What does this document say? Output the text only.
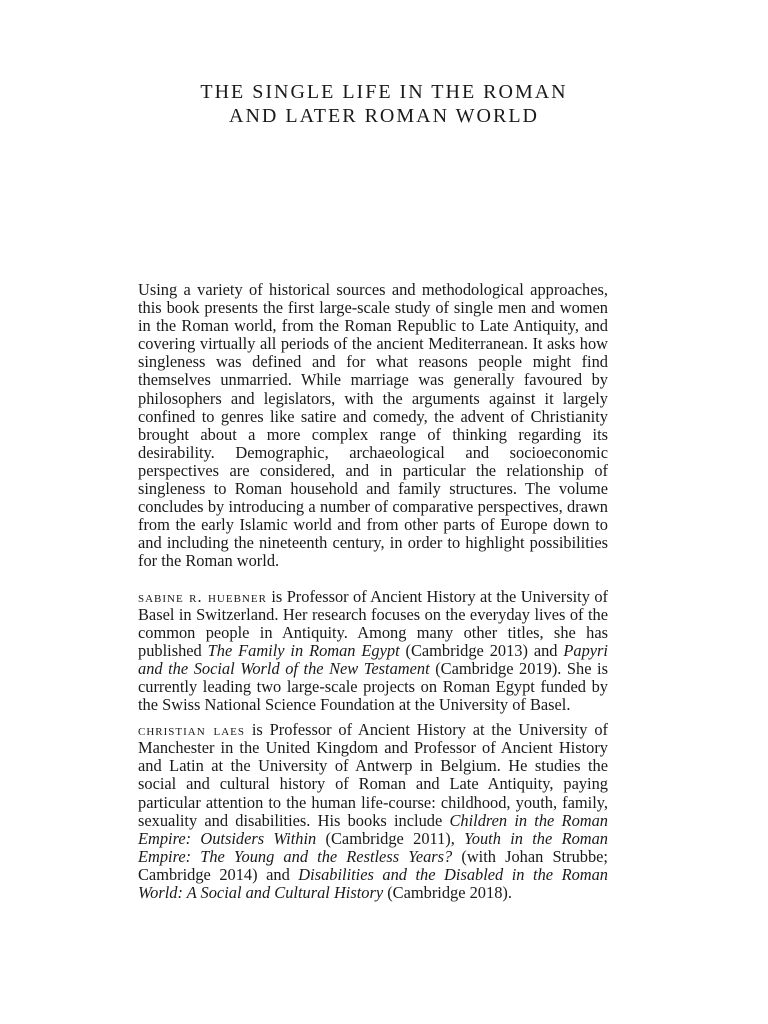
THE SINGLE LIFE IN THE ROMAN
AND LATER ROMAN WORLD

Using a variety of historical sources and methodological approaches, this book presents the first large-scale study of single men and women in the Roman world, from the Roman Republic to Late Antiquity, and covering virtually all periods of the ancient Mediterranean. It asks how singleness was defined and for what reasons people might find themselves unmarried. While marriage was generally favoured by philosophers and legislators, with the arguments against it largely confined to genres like satire and comedy, the advent of Christianity brought about a more complex range of thinking regarding its desirability. Demographic, archaeological and socioeconomic perspectives are considered, and in particular the relationship of singleness to Roman household and family structures. The volume concludes by introducing a number of comparative perspectives, drawn from the early Islamic world and from other parts of Europe down to and including the nineteenth century, in order to highlight possibilities for the Roman world.

sabine r. huebner is Professor of Ancient History at the University of Basel in Switzerland. Her research focuses on the everyday lives of the common people in Antiquity. Among many other titles, she has published The Family in Roman Egypt (Cambridge 2013) and Papyri and the Social World of the New Testament (Cambridge 2019). She is currently leading two large-scale projects on Roman Egypt funded by the Swiss National Science Foundation at the University of Basel.

christian laes is Professor of Ancient History at the University of Manchester in the United Kingdom and Professor of Ancient History and Latin at the University of Antwerp in Belgium. He studies the social and cultural history of Roman and Late Antiquity, paying particular attention to the human life-course: childhood, youth, family, sexuality and disabilities. His books include Children in the Roman Empire: Outsiders Within (Cambridge 2011), Youth in the Roman Empire: The Young and the Restless Years? (with Johan Strubbe; Cambridge 2014) and Disabilities and the Disabled in the Roman World: A Social and Cultural History (Cambridge 2018).
